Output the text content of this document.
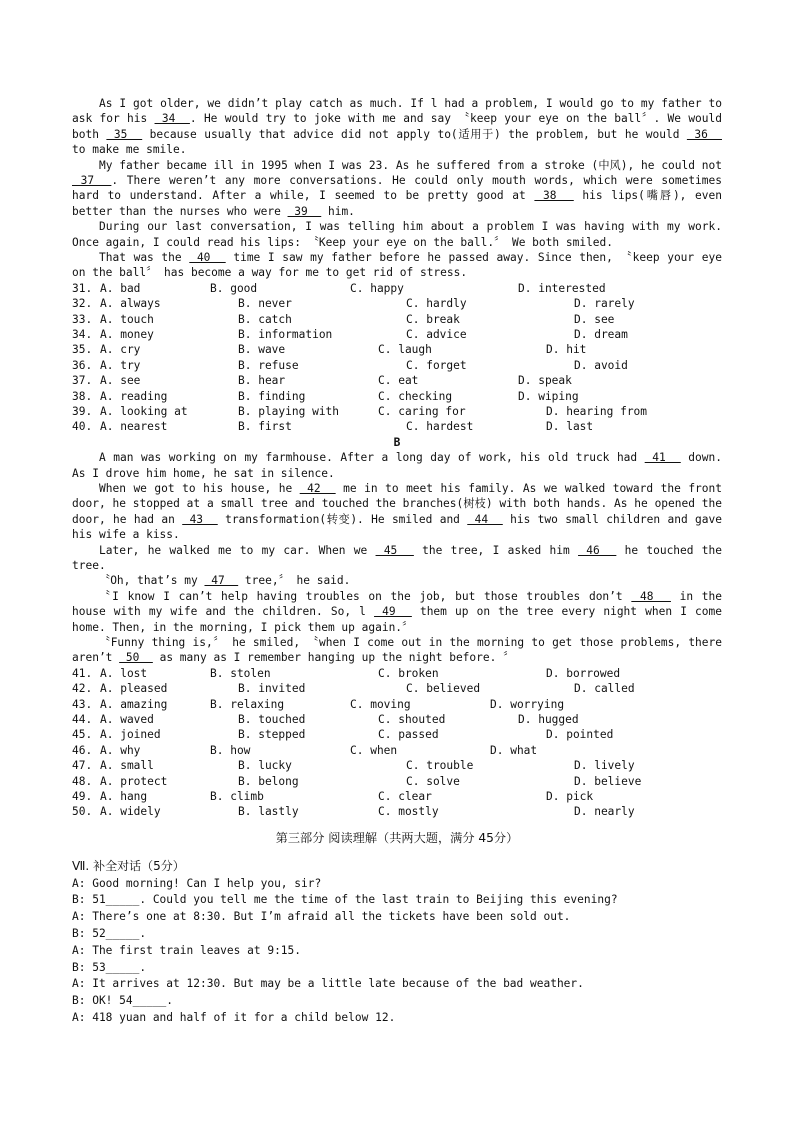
As I got older, we didn’t play catch as much. If l had a problem, I would go to my father to ask for his  34  . He would try to joke with me and say 〝keep your eye on the ball〞. We would both  35   because usually that advice did not apply to(适用于) the problem, but he would  36   to make me smile.

My father became ill in 1995 when I was 23. As he suffered from a stroke (中风), he could not  37  . There weren’t any more conversations. He could only mouth words, which were sometimes hard to understand. After a while, I seemed to be pretty good at  38   his lips(嘴唇), even better than the nurses who were  39   him.

During our last conversation, I was telling him about a problem I was having with my work. Once again, I could read his lips: 〝Keep your eye on the ball.〞 We both smiled.

That was the  40   time I saw my father before he passed away. Since then, 〝keep your eye on the ball〞 has become a way for me to get rid of stress.

31. A. bad	B. good	C. happy	D. interested
32. A. always	B. never	C. hardly	D. rarely
33. A. touch	B. catch	C. break	D. see
34. A. money	B. information	C. advice	D. dream
35. A. cry	B. wave	C. laugh	D. hit
36. A. try	B. refuse	C. forget	D. avoid
37. A. see	B. hear	C. eat	D. speak
38. A. reading	B. finding	C. checking	D. wiping
39. A. looking at	B. playing with	C. caring for	D. hearing from
40. A. nearest	B. first	C. hardest	D. last
B

A man was working on my farmhouse. After a long day of work, his old truck had  41   down. As I drove him home, he sat in silence.

When we got to his house, he  42   me in to meet his family. As we walked toward the front door, he stopped at a small tree and touched the branches(树枝) with both hands. As he opened the door, he had an  43   transformation(转变). He smiled and  44   his two small children and gave his wife a kiss.

Later, he walked me to my car. When we  45   the tree, I asked him  46   he touched the tree.

〝Oh, that’s my  47   tree,〞 he said.

〝I know I can’t help having troubles on the job, but those troubles don’t  48   in the house with my wife and the children. So, l  49   them up on the tree every night when I come home. Then, in the morning, I pick them up again.〞

〝Funny thing is,〞 he smiled, 〝when I come out in the morning to get those problems, there aren’t  50   as many as I remember hanging up the night before. 〞

41. A. lost	B. stolen	C. broken	D. borrowed
42. A. pleased	B. invited	C. believed	D. called
43. A. amazing	B. relaxing	C. moving	D. worrying
44. A. waved	B. touched	C. shouted	D. hugged
45. A. joined	B. stepped	C. passed	D. pointed
46. A. why	B. how	C. when	D. what
47. A. small	B. lucky	C. trouble	D. lively
48. A. protect	B. belong	C. solve	D. believe
49. A. hang	B. climb	C. clear	D. pick
50. A. widely	B. lastly	C. mostly	D. nearly
第三部分 阅读理解（共两大题，满分 45分）
Ⅶ. 补全对话（5分）
A: Good morning! Can I help you, sir?
B: 51_____. Could you tell me the time of the last train to Beijing this evening?
A: There’s one at 8:30. But I’m afraid all the tickets have been sold out.
B: 52_____.
A: The first train leaves at 9:15.
B: 53_____.
A: It arrives at 12:30. But may be a little late because of the bad weather.
B: OK! 54_____.
A: 418 yuan and half of it for a child below 12.
